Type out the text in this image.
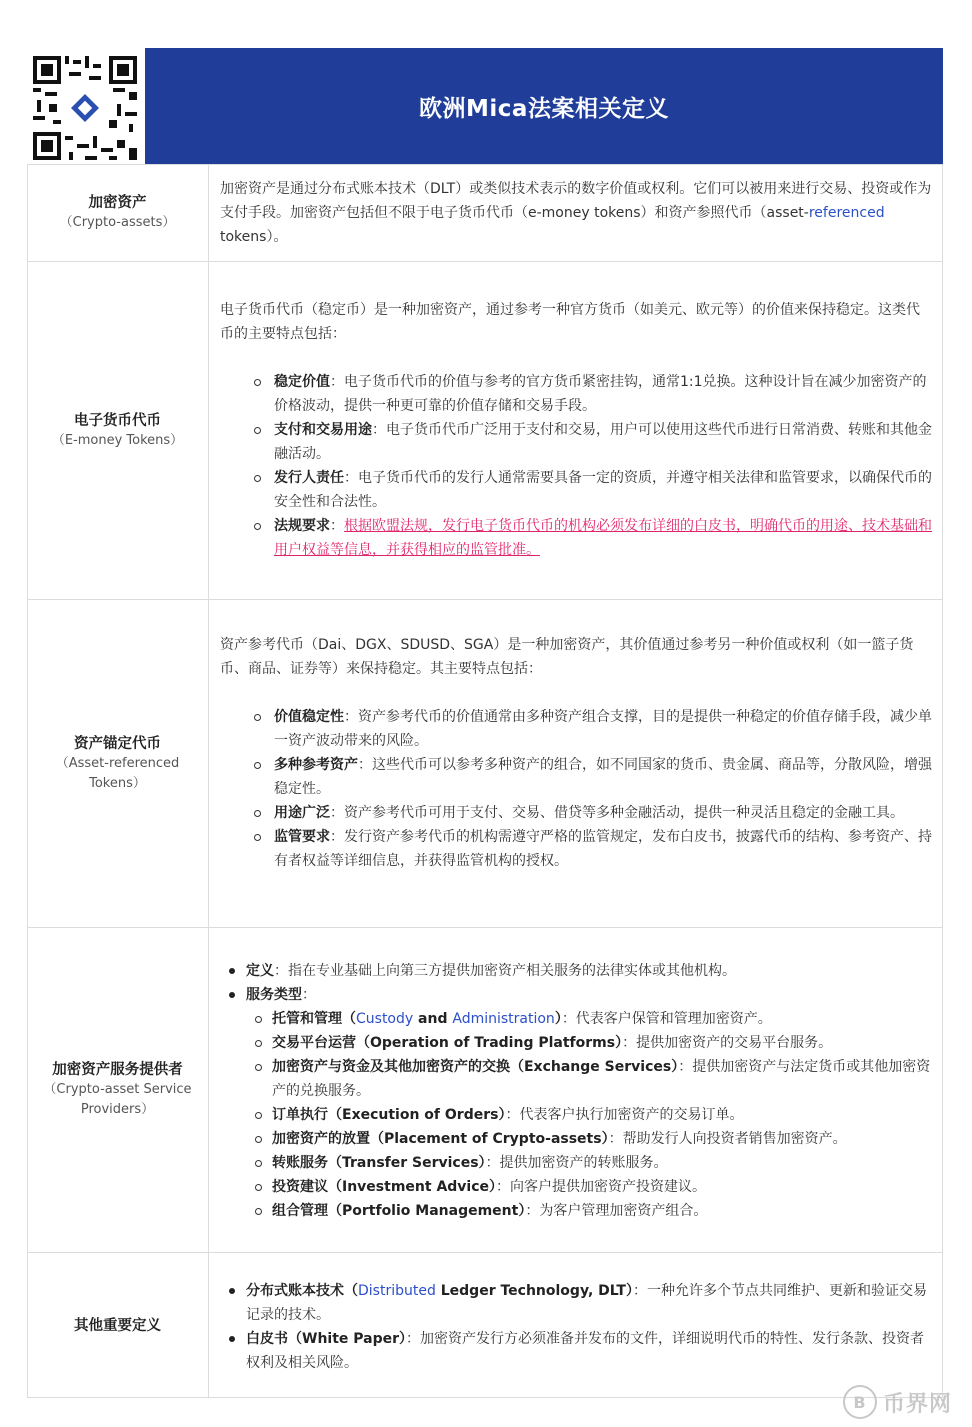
欧洲Mica法案相关定义
加密资产
（Crypto-assets）

加密资产是通过分布式账本技术（DLT）或类似技术表示的数字价值或权利。它们可以被用来进行交易、投资或作为支付手段。加密资产包括但不限于电子货币代币（e-money tokens）和资产参照代币（asset-referenced tokens）。

电子货币代币
（E-money Tokens）

电子货币代币（稳定币）是一种加密资产，通过参考一种官方货币（如美元、欧元等）的价值来保持稳定。这类代币的主要特点包括：

稳定价值：电子货币代币的价值与参考的官方货币紧密挂钩，通常1:1兑换。这种设计旨在减少加密资产的价格波动，提供一种更可靠的价值存储和交易手段。
支付和交易用途：电子货币代币广泛用于支付和交易，用户可以使用这些代币进行日常消费、转账和其他金融活动。
发行人责任：电子货币代币的发行人通常需要具备一定的资质，并遵守相关法律和监管要求，以确保代币的安全性和合法性。
法规要求：根据欧盟法规，发行电子货币代币的机构必须发布详细的白皮书，明确代币的用途、技术基础和用户权益等信息，并获得相应的监管批准。
资产锚定代币
（Asset-referenced Tokens）

资产参考代币（Dai、DGX、SDUSD、SGA）是一种加密资产，其价值通过参考另一种价值或权利（如一篮子货币、商品、证券等）来保持稳定。其主要特点包括：

价值稳定性：资产参考代币的价值通常由多种资产组合支撑，目的是提供一种稳定的价值存储手段，减少单一资产波动带来的风险。
多种参考资产：这些代币可以参考多种资产的组合，如不同国家的货币、贵金属、商品等，分散风险，增强稳定性。
用途广泛：资产参考代币可用于支付、交易、借贷等多种金融活动，提供一种灵活且稳定的金融工具。
监管要求：发行资产参考代币的机构需遵守严格的监管规定，发布白皮书，披露代币的结构、参考资产、持有者权益等详细信息，并获得监管机构的授权。
加密资产服务提供者
（Crypto-asset Service Providers）
定义：指在专业基础上向第三方提供加密资产相关服务的法律实体或其他机构。
服务类型：
托管和管理（Custody and Administration）：代表客户保管和管理加密资产。
交易平台运营（Operation of Trading Platforms）：提供加密资产的交易平台服务。
加密资产与资金及其他加密资产的交换（Exchange Services）：提供加密资产与法定货币或其他加密资产的兑换服务。
订单执行（Execution of Orders）：代表客户执行加密资产的交易订单。
加密资产的放置（Placement of Crypto-assets）：帮助发行人向投资者销售加密资产。
转账服务（Transfer Services）：提供加密资产的转账服务。
投资建议（Investment Advice）：向客户提供加密资产投资建议。
组合管理（Portfolio Management）：为客户管理加密资产组合。
其他重要定义
分布式账本技术（Distributed Ledger Technology, DLT）：一种允许多个节点共同维护、更新和验证交易记录的技术。
白皮书（White Paper）：加密资产发行方必须准备并发布的文件，详细说明代币的特性、发行条款、投资者权利及相关风险。
B 币界网
